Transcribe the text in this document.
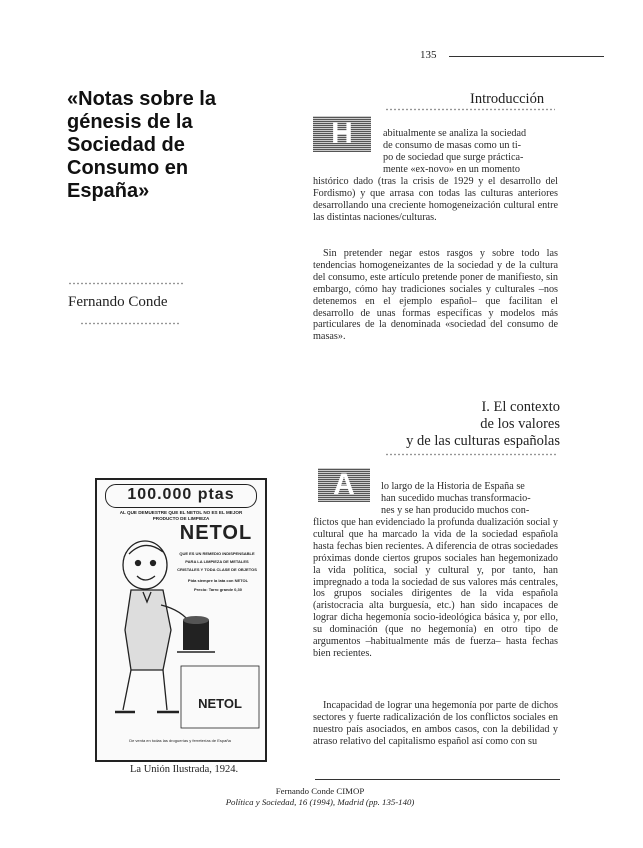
135
«Notas sobre la génesis de la Sociedad de Consumo en España»
Fernando Conde
Introducción
H	abitualmente se analiza la sociedad
de consumo de masas como un ti-
po de sociedad que surge práctica-
mente «ex-novo» en un momento
histórico dado (tras la crisis de 1929 y el desarrollo del Fordismo) y que arrasa con todas las culturas anteriores desarrollando una creciente homogeneización cultural entre las distintas naciones/culturas.
Sin pretender negar estos rasgos y sobre todo las tendencias homogeneizantes de la sociedad y de la cultura del consumo, este artículo pretende poner de manifiesto, sin embargo, cómo hay tradiciones sociales y culturales –nos detenemos en el ejemplo español– que facilitan el desarrollo de unas formas específicas y modelos más particulares de la denominada «sociedad del consumo de masas».
I. El contexto
de los valores
y de las culturas españolas
A	lo largo de la Historia de España se
han sucedido muchas transformacio-
nes y se han producido muchos con-
flictos que han evidenciado la profunda dualización social y cultural que ha marcado la vida de la sociedad española hasta fechas bien recientes. A diferencia de otras sociedades próximas donde ciertos grupos sociales han hegemonizado la vida política, social y cultural y, por tanto, han impregnado a toda la sociedad de sus valores más centrales, los grupos sociales dirigentes de la vida española (aristocracia alta burguesía, etc.) han sido incapaces de lograr dicha hegemonía socio-ideológica básica y, por ello, su dominación (que no hegemonía) en otro tipo de argumentos –habitualmente más de fuerza– hasta fechas bien recientes.
Incapacidad de lograr una hegemonía por parte de dichos sectores y fuerte radicalización de los conflictos sociales en nuestro país asociados, en ambos casos, con la debilidad y atraso relativo del capitalismo español así como con su
100.000 ptas
AL QUE DEMUESTRE QUE EL NETOL NO ES EL MEJOR PRODUCTO DE LIMPIEZA
NETOL
QUE ES UN REMEDIO INDISPENSABLE
PARA LA LIMPIEZA DE METALES
CRISTALES Y TODA CLASE DE OBJETOS
Pida siempre la lata con NETOL
Precio: Tarro grande 0,30
NETOL
De venta en todas las droguerías y ferreterías de España
La Unión Ilustrada, 1924.
Fernando Conde CIMOP
Política y Sociedad, 16 (1994), Madrid (pp. 135-140)
